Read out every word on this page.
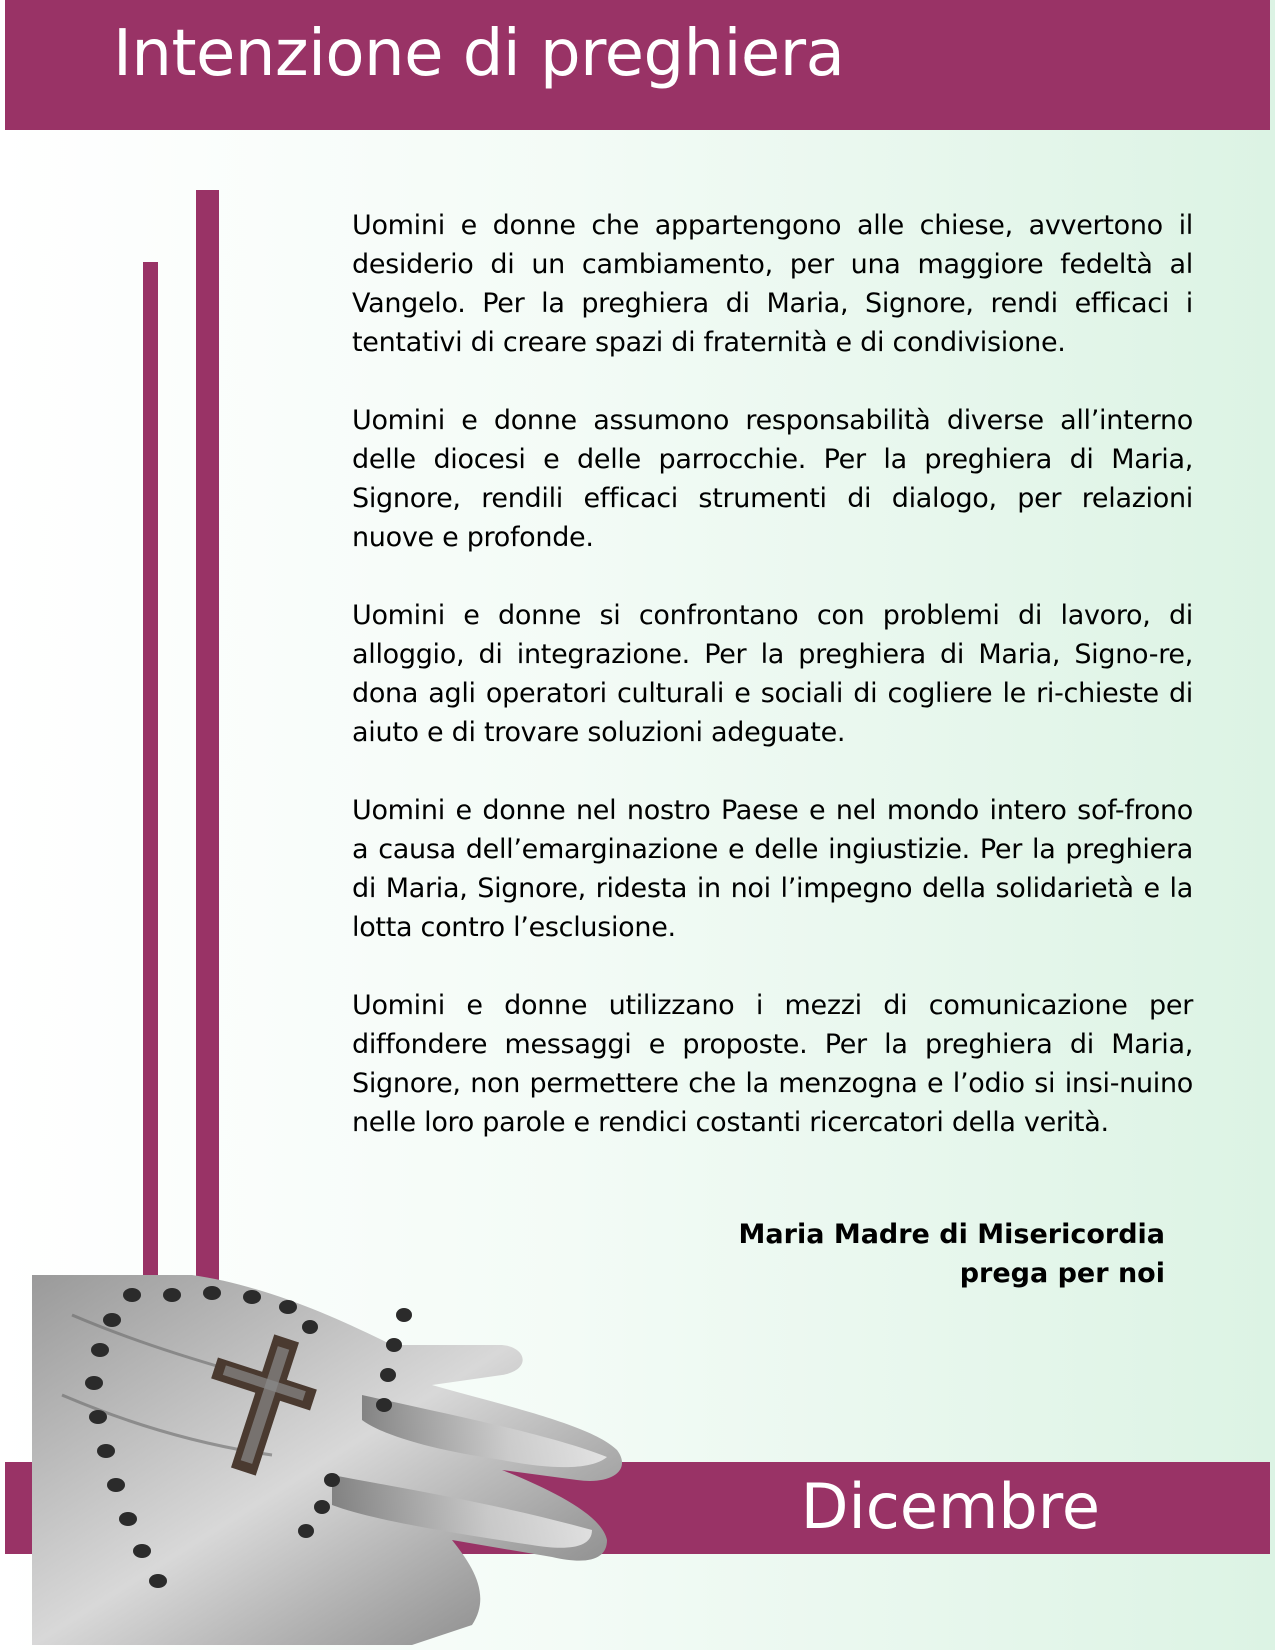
Intenzione di preghiera

Uomini e donne che appartengono alle chiese, avvertono il desiderio di un cambiamento, per una maggiore fedeltà al Vangelo. Per la preghiera di Maria, Signore, rendi efficaci i tentativi di creare spazi di fraternità e di condivisione.

Uomini e donne assumono responsabilità diverse all’interno delle diocesi e delle parrocchie. Per la preghiera di Maria, Signore, rendili efficaci strumenti di dialogo, per relazioni nuove e profonde.

Uomini e donne si confrontano con problemi di lavoro, di alloggio, di integrazione. Per la preghiera di Maria, Signo-re, dona agli operatori culturali e sociali di cogliere le ri-chieste di aiuto e di trovare soluzioni adeguate.

Uomini e donne nel nostro Paese e nel mondo intero sof-frono a causa dell’emarginazione e delle ingiustizie. Per la preghiera di Maria, Signore, ridesta in noi l’impegno della solidarietà e la lotta contro l’esclusione.

Uomini e donne utilizzano i mezzi di comunicazione per diffondere messaggi e proposte. Per la preghiera di Maria, Signore, non permettere che la menzogna e l’odio si insi-nuino nelle loro parole e rendici costanti ricercatori della verità.

Maria Madre di Misericordia
prega per noi
Dicembre
